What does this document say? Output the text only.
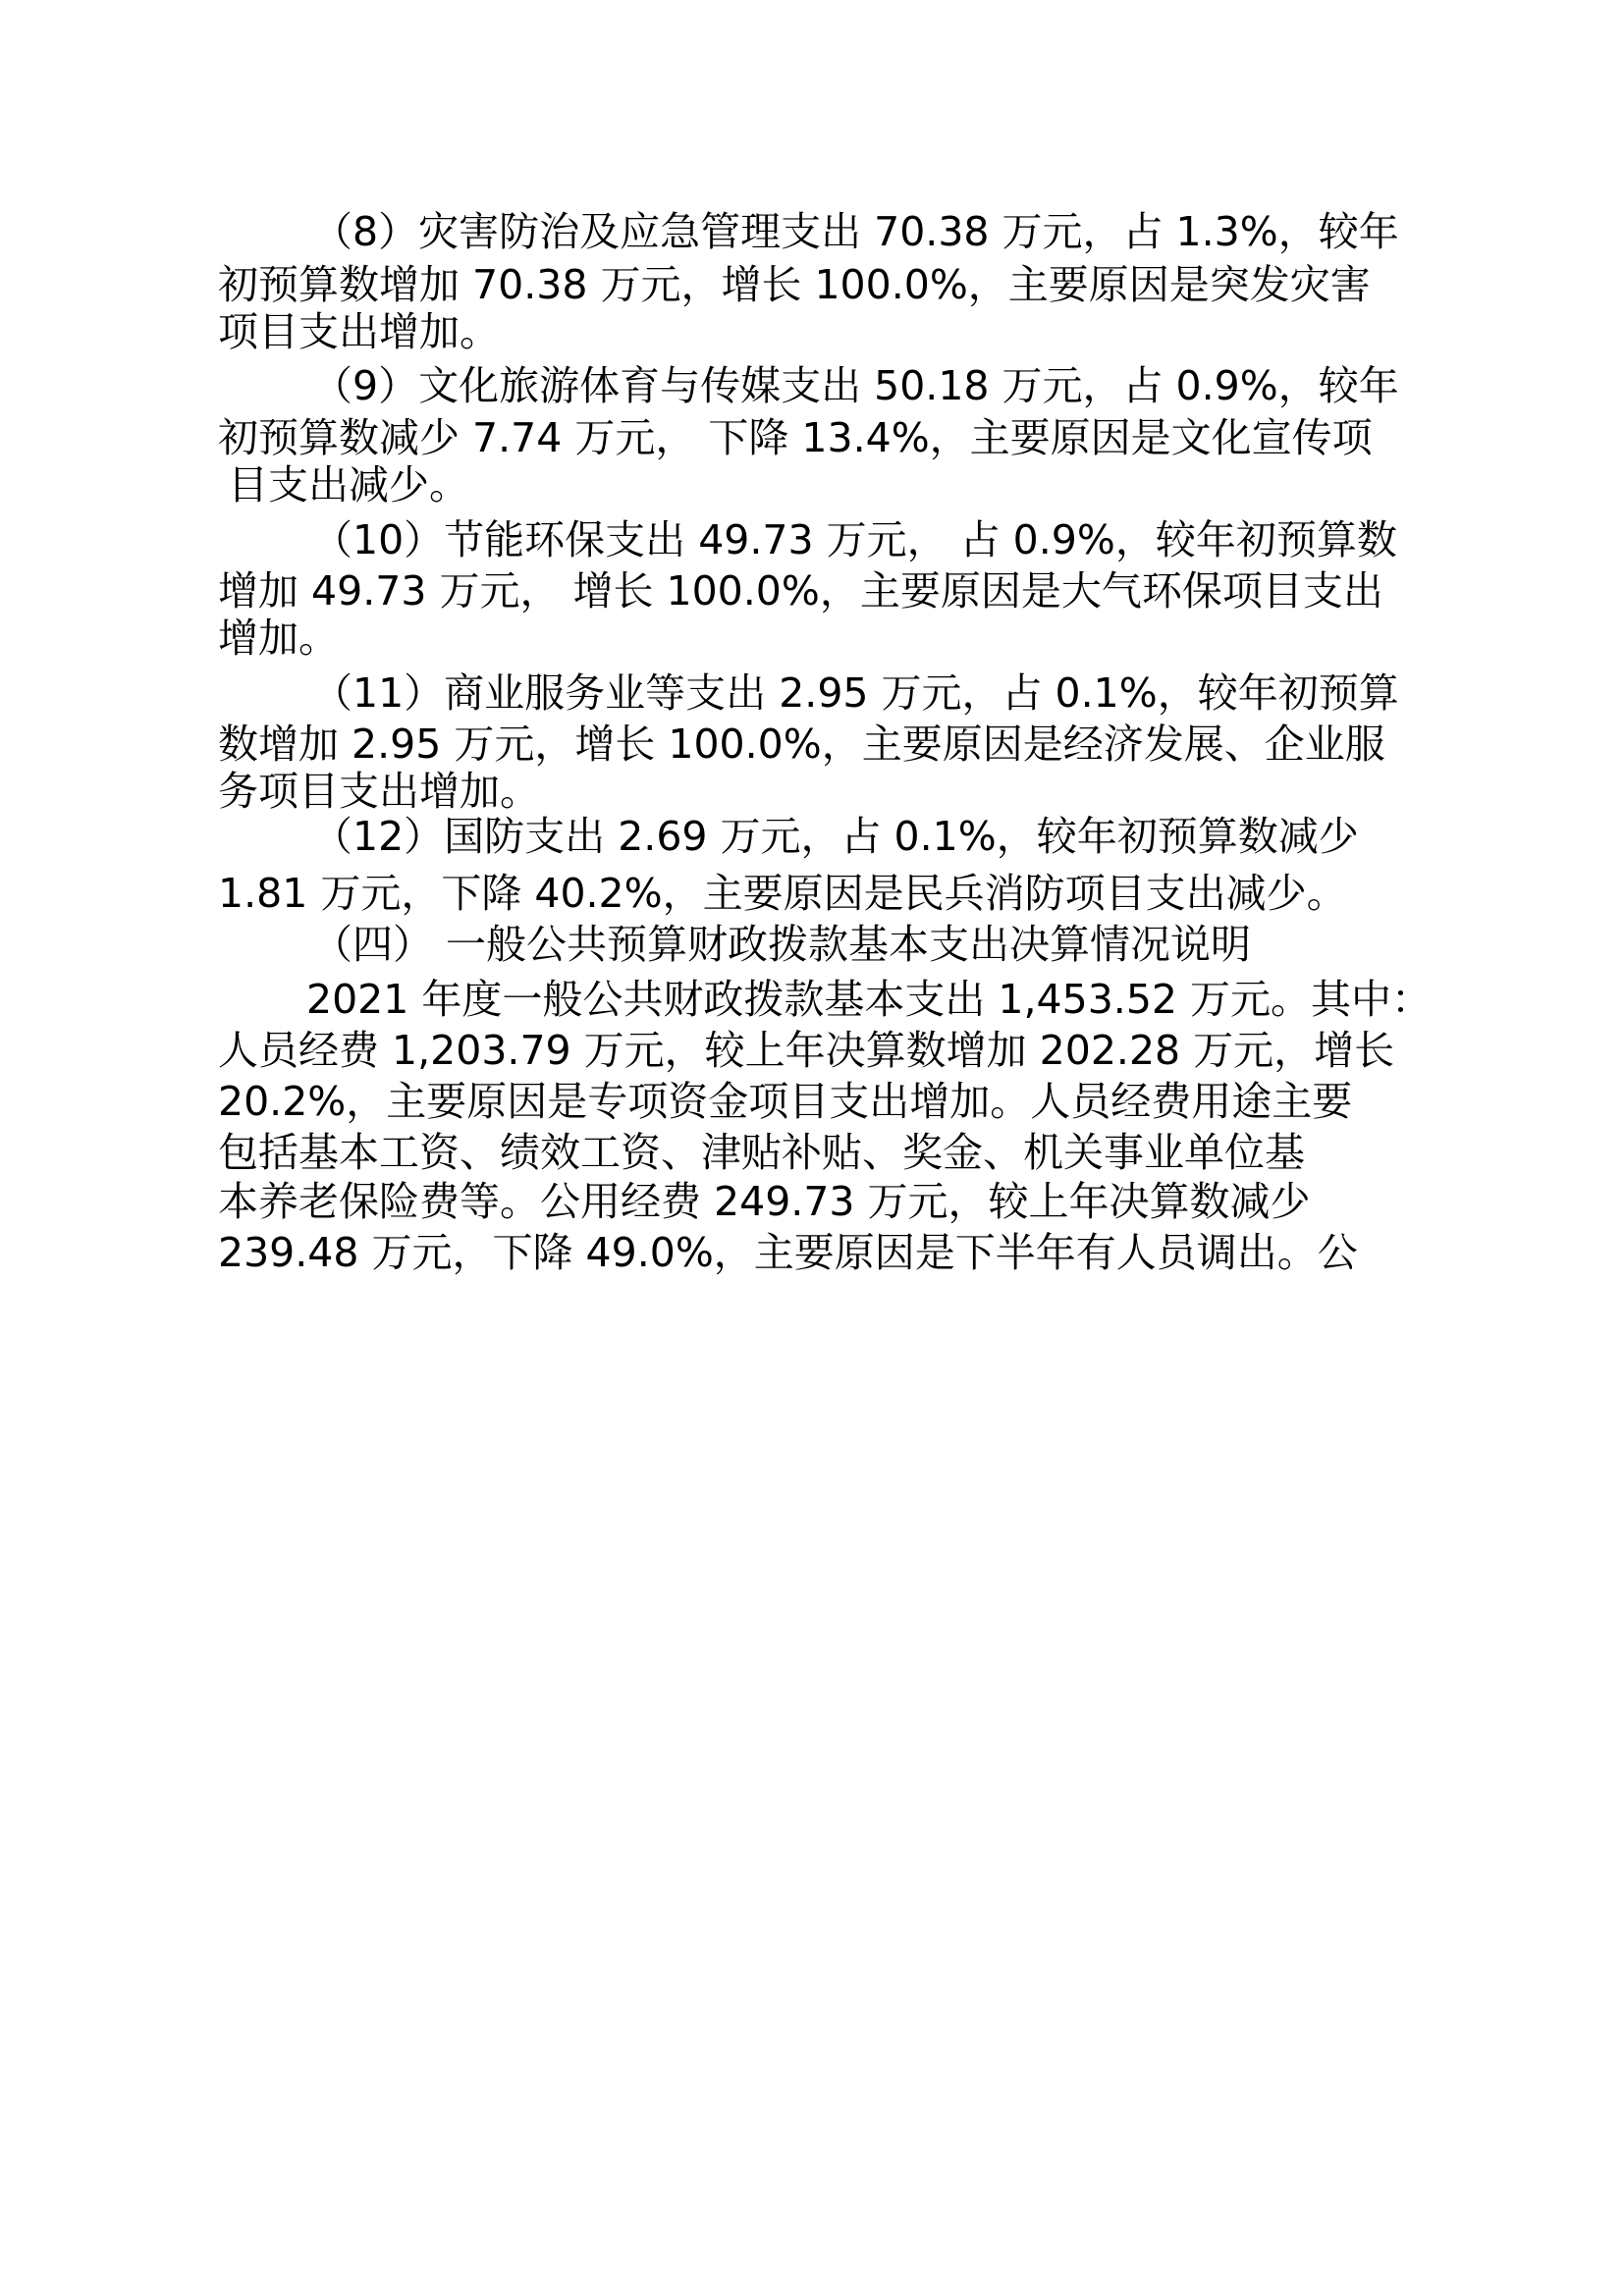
（8）灾害防治及应急管理支出 70.38 万元，占 1.3%，较年

初预算数增加 70.38 万元，增长 100.0%，主要原因是突发灾害

项目支出增加。

（9）文化旅游体育与传媒支出 50.18 万元，占 0.9%，较年

初预算数减少 7.74 万元， 下降 13.4%，主要原因是文化宣传项

目支出减少。

（10）节能环保支出 49.73 万元， 占 0.9%，较年初预算数

增加 49.73 万元， 增长 100.0%，主要原因是大气环保项目支出

增加。

（11）商业服务业等支出 2.95 万元，占 0.1%，较年初预算

数增加 2.95 万元，增长 100.0%，主要原因是经济发展、企业服

务项目支出增加。

（12）国防支出 2.69 万元，占 0.1%，较年初预算数减少

1.81 万元，下降 40.2%，主要原因是民兵消防项目支出减少。

（四） 一般公共预算财政拨款基本支出决算情况说明

2021 年度一般公共财政拨款基本支出 1,453.52 万元。其中：

人员经费 1,203.79 万元，较上年决算数增加 202.28 万元，增长

20.2%，主要原因是专项资金项目支出增加。人员经费用途主要

包括基本工资、绩效工资、津贴补贴、奖金、机关事业单位基

本养老保险费等。公用经费 249.73 万元，较上年决算数减少

239.48 万元，下降 49.0%，主要原因是下半年有人员调出。公
